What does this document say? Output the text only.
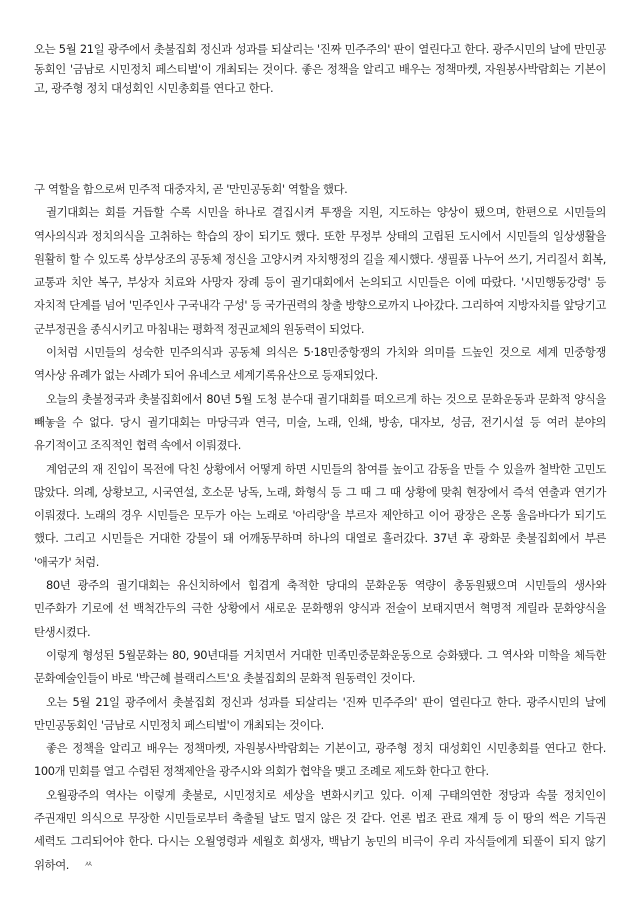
오는 5월 21일 광주에서 촛불집회 정신과 성과를 되살리는 '진짜 민주주의' 판이 열린다고 한다. 광주시민의 날에 만민공동회인 '금남로 시민정치 페스티벌'이 개최되는 것이다. 좋은 정책을 알리고 배우는 정책마켓, 자원봉사박람회는 기본이고, 광주형 정치 대성회인 시민총회를 연다고 한다.

구 역할을 함으로써 민주적 대중자치, 곧 '만민공동회' 역할을 했다.

궐기대회는 회를 거듭할 수록 시민을 하나로 결집시켜 투쟁을 지원, 지도하는 양상이 됐으며, 한편으로 시민들의 역사의식과 정치의식을 고취하는 학습의 장이 되기도 했다. 또한 무정부 상태의 고립된 도시에서 시민들의 일상생활을 원활히 할 수 있도록 상부상조의 공동체 정신을 고양시켜 자치행정의 길을 제시했다. 생필품 나누어 쓰기, 거리질서 회복, 교통과 치안 복구, 부상자 치료와 사망자 장례 등이 궐기대회에서 논의되고 시민들은 이에 따랐다. '시민행동강령' 등 자치적 단계를 넘어 '민주인사 구국내각 구성' 등 국가권력의 창출 방향으로까지 나아갔다. 그리하여 지방자치를 앞당기고 군부정권을 종식시키고 마침내는 평화적 정권교체의 원동력이 되었다.

이처럼 시민들의 성숙한 민주의식과 공동체 의식은 5·18민중항쟁의 가치와 의미를 드높인 것으로 세계 민중항쟁 역사상 유례가 없는 사례가 되어 유네스코 세계기록유산으로 등재되었다.

오늘의 촛불정국과 촛불집회에서 80년 5월 도청 분수대 궐기대회를 떠오르게 하는 것으로 문화운동과 문화적 양식을 빼놓을 수 없다. 당시 궐기대회는 마당극과 연극, 미술, 노래, 인쇄, 방송, 대자보, 성금, 전기시설 등 여러 분야의 유기적이고 조직적인 협력 속에서 이뤄졌다.

계엄군의 재 진입이 목전에 닥친 상황에서 어떻게 하면 시민들의 참여를 높이고 감동을 만들 수 있을까 철박한 고민도 많았다. 의례, 상황보고, 시국연설, 호소문 낭독, 노래, 화형식 등 그 때 그 때 상황에 맞춰 현장에서 즉석 연출과 연기가 이뤄졌다. 노래의 경우 시민들은 모두가 아는 노래로 '아리랑'을 부르자 제안하고 이어 광장은 온통 울음바다가 되기도 했다. 그리고 시민들은 거대한 강물이 돼 어깨동무하며 하나의 대열로 흘러갔다. 37년 후 광화문 촛불집회에서 부른 '애국가' 처럼.

80년 광주의 궐기대회는 유신치하에서 힘겹게 축적한 당대의 문화운동 역량이 총동원됐으며 시민들의 생사와 민주화가 기로에 선 백척간두의 극한 상황에서 새로운 문화행위 양식과 전술이 보태지면서 혁명적 게릴라 문화양식을 탄생시켰다.

이렇게 형성된 5월문화는 80, 90년대를 거치면서 거대한 민족민중문화운동으로 승화됐다. 그 역사와 미학을 체득한 문화예술인들이 바로 '박근혜 블랙리스트'요 촛불집회의 문화적 원동력인 것이다.

오는 5월 21일 광주에서 촛불집회 정신과 성과를 되살리는 '진짜 민주주의' 판이 열린다고 한다. 광주시민의 날에 만민공동회인 '금남로 시민정치 페스티벌'이 개최되는 것이다.

좋은 정책을 알리고 배우는 정책마켓, 자원봉사박람회는 기본이고, 광주형 정치 대성회인 시민총회를 연다고 한다. 100개 민회를 열고 수렴된 정책제안을 광주시와 의회가 협약을 맺고 조례로 제도화 한다고 한다.

오월광주의 역사는 이렇게 촛불로, 시민정치로 세상을 변화시키고 있다. 이제 구태의연한 정당과 속물 정치인이 주권재민 의식으로 무장한 시민들로부터 축출될 날도 멀지 않은 것 같다. 언론 법조 관료 재계 등 이 땅의 썩은 기득권 세력도 그리되어야 한다. 다시는 오월영령과 세월호 희생자, 백남기 농민의 비극이 우리 자식들에게 되풀이 되지 않기 위하여. ㅆ
